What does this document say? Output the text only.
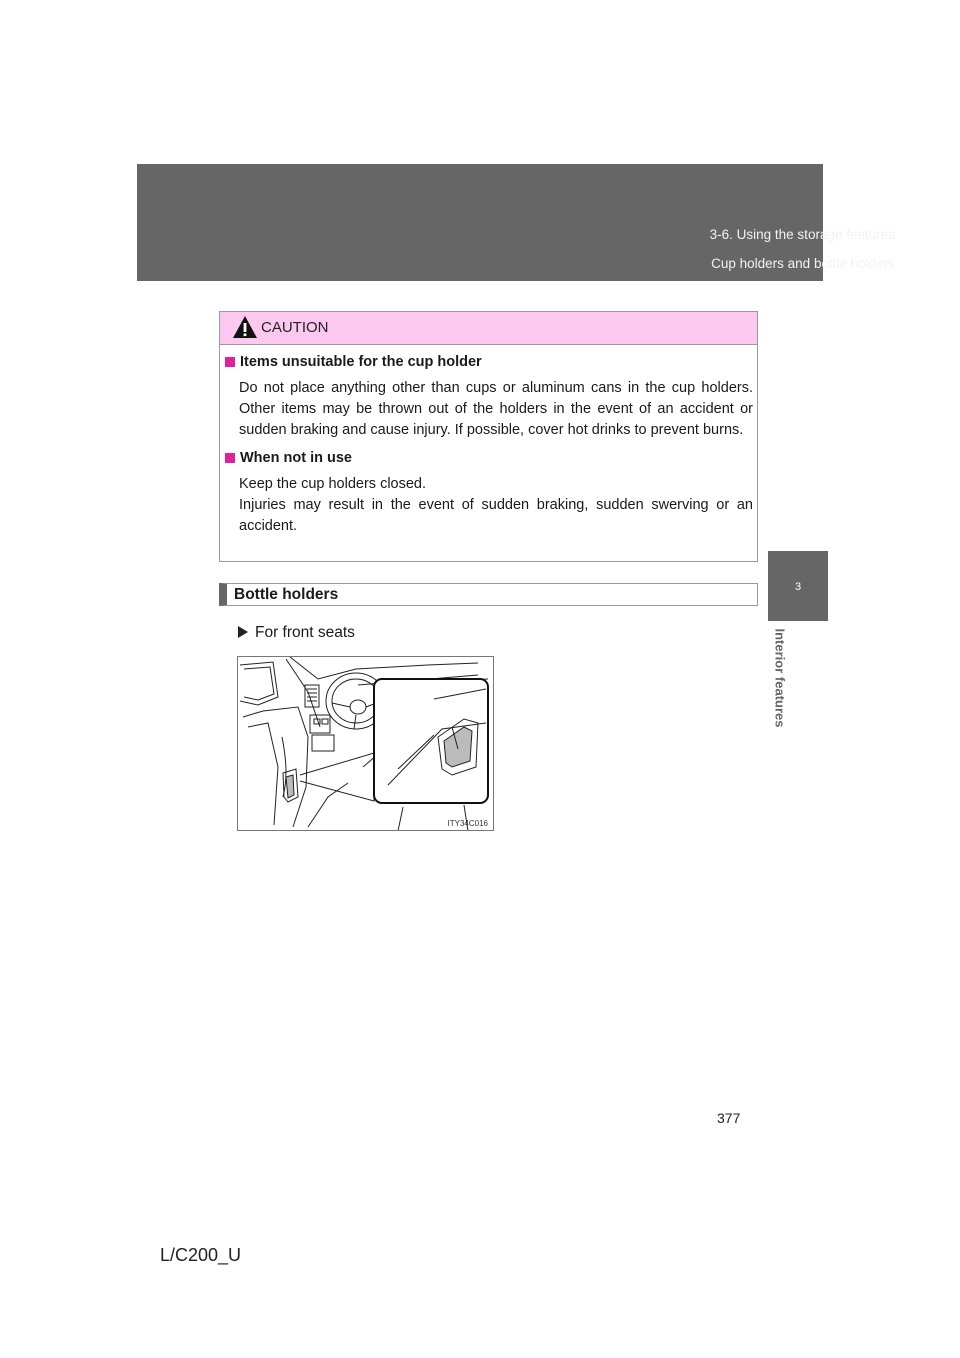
3-6. Using the storage features
Cup holders and bottle holders
3
Interior features
CAUTION
Items unsuitable for the cup holder

Do not place anything other than cups or aluminum cans in the cup holders. Other items may be thrown out of the holders in the event of an accident or sudden braking and cause injury. If possible, cover hot drinks to prevent burns.

When not in use

Keep the cup holders closed.

Injuries may result in the event of sudden braking, sudden swerving or an accident.

Bottle holders
For front seats
ITY34C016
377
L/C200_U
